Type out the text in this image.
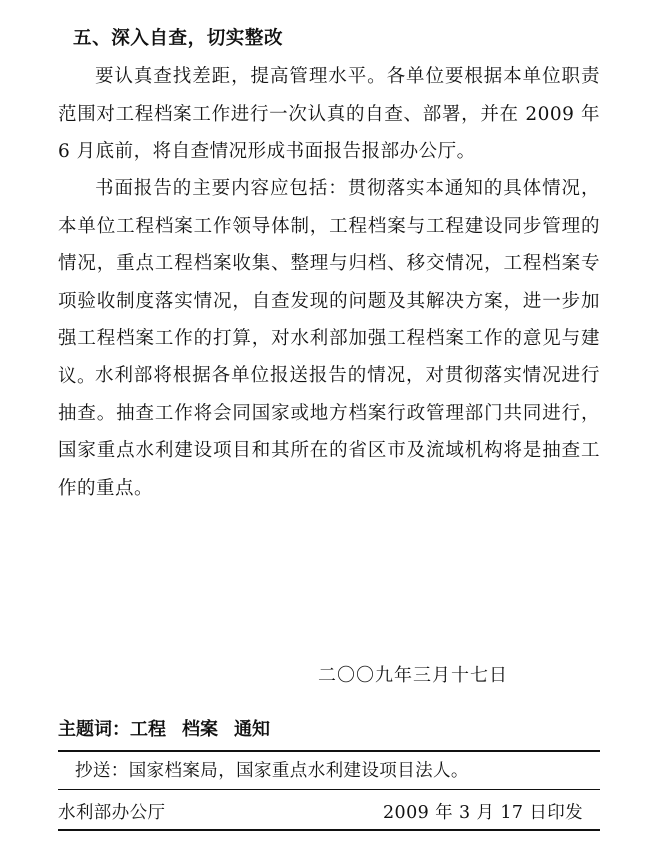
五、深入自查，切实整改

要认真查找差距，提高管理水平。各单位要根据本单位职责范围对工程档案工作进行一次认真的自查、部署，并在 2009 年 6 月底前，将自查情况形成书面报告报部办公厅。

书面报告的主要内容应包括：贯彻落实本通知的具体情况，本单位工程档案工作领导体制，工程档案与工程建设同步管理的情况，重点工程档案收集、整理与归档、移交情况，工程档案专项验收制度落实情况，自查发现的问题及其解决方案，进一步加强工程档案工作的打算，对水利部加强工程档案工作的意见与建议。

水利部将根据各单位报送报告的情况，对贯彻落实情况进行抽查。抽查工作将会同国家或地方档案行政管理部门共同进行，国家重点水利建设项目和其所在的省区市及流域机构将是抽查工作的重点。

二〇〇九年三月十七日
主题词：工程 档案 通知
抄送：国家档案局，国家重点水利建设项目法人。
水利部办公厅	2009 年 3 月 17 日印发
